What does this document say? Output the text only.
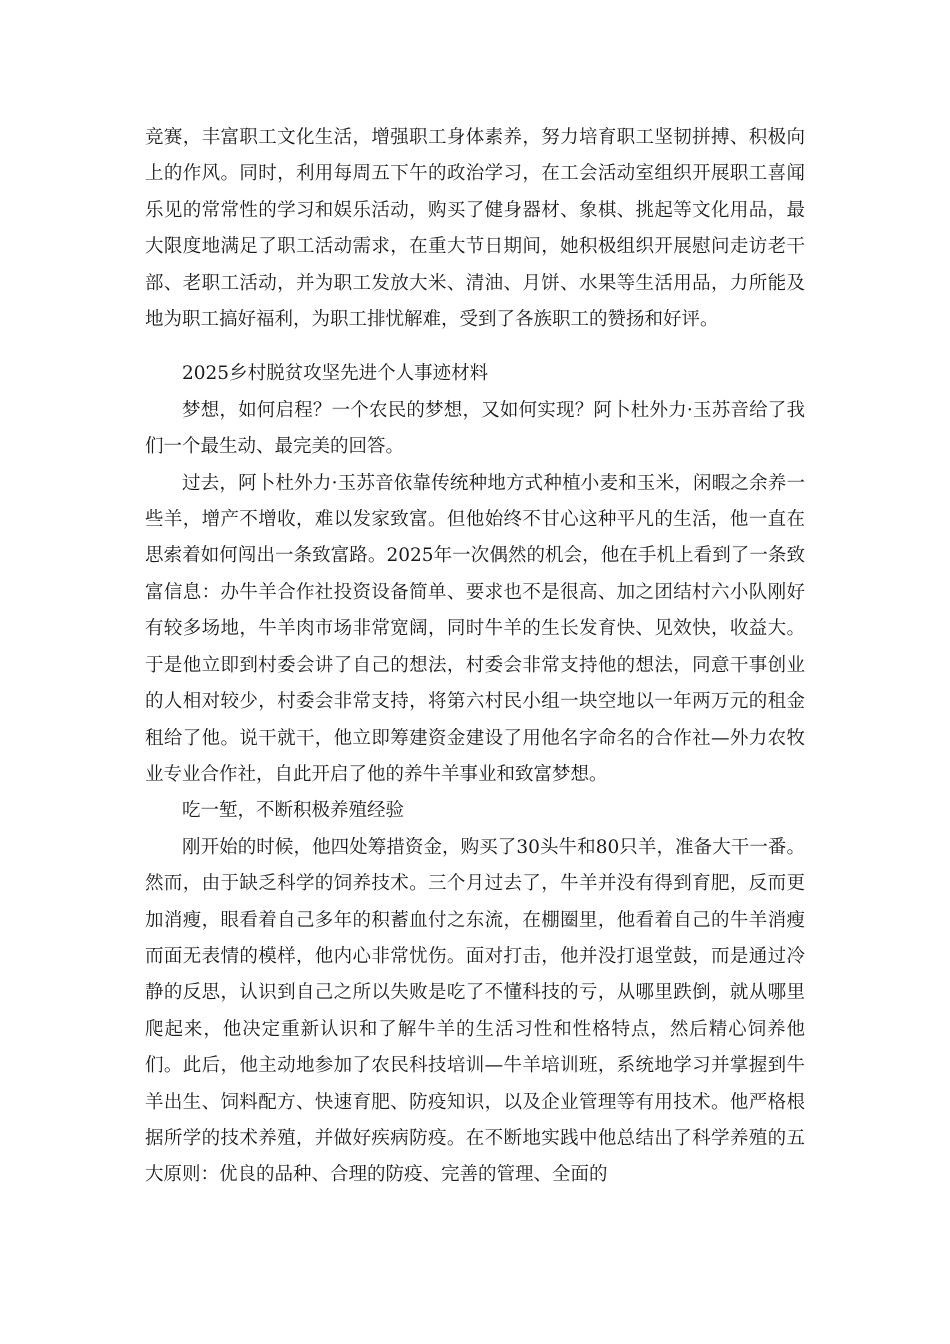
竞赛，丰富职工文化生活，增强职工身体素养，努力培育职工坚韧拼搏、积极向上的作风。同时，利用每周五下午的政治学习，在工会活动室组织开展职工喜闻乐见的常常性的学习和娱乐活动，购买了健身器材、象棋、挑起等文化用品，最大限度地满足了职工活动需求，在重大节日期间，她积极组织开展慰问走访老干部、老职工活动，并为职工发放大米、清油、月饼、水果等生活用品，力所能及地为职工搞好福利，为职工排忧解难，受到了各族职工的赞扬和好评。

2025乡村脱贫攻坚先进个人事迹材料

梦想，如何启程？一个农民的梦想，又如何实现？阿卜杜外力·玉苏音给了我们一个最生动、最完美的回答。

过去，阿卜杜外力·玉苏音依靠传统种地方式种植小麦和玉米，闲暇之余养一些羊，增产不增收，难以发家致富。但他始终不甘心这种平凡的生活，他一直在思索着如何闯出一条致富路。2025年一次偶然的机会，他在手机上看到了一条致富信息：办牛羊合作社投资设备简单、要求也不是很高、加之团结村六小队刚好有较多场地，牛羊肉市场非常宽阔，同时牛羊的生长发育快、见效快，收益大。于是他立即到村委会讲了自己的想法，村委会非常支持他的想法，同意干事创业的人相对较少，村委会非常支持，将第六村民小组一块空地以一年两万元的租金租给了他。说干就干，他立即筹建资金建设了用他名字命名的合作社—外力农牧业专业合作社，自此开启了他的养牛羊事业和致富梦想。

吃一堑，不断积极养殖经验

刚开始的时候，他四处筹措资金，购买了30头牛和80只羊，准备大干一番。然而，由于缺乏科学的饲养技术。三个月过去了，牛羊并没有得到育肥，反而更加消瘦，眼看着自己多年的积蓄血付之东流，在棚圈里，他看着自己的牛羊消瘦而面无表情的模样，他内心非常忧伤。面对打击，他并没打退堂鼓，而是通过冷静的反思，认识到自己之所以失败是吃了不懂科技的亏，从哪里跌倒，就从哪里爬起来，他决定重新认识和了解牛羊的生活习性和性格特点，然后精心饲养他们。此后，他主动地参加了农民科技培训—牛羊培训班，系统地学习并掌握到牛羊出生、饲料配方、快速育肥、防疫知识，以及企业管理等有用技术。他严格根据所学的技术养殖，并做好疾病防疫。在不断地实践中他总结出了科学养殖的五大原则：优良的品种、合理的防疫、完善的管理、全面的
